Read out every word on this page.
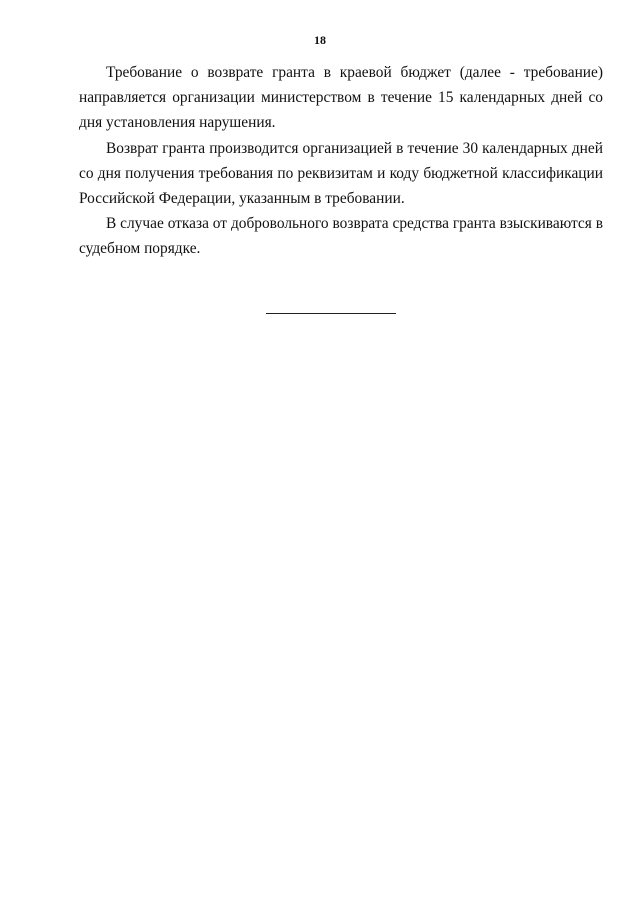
18

Требование о возврате гранта в краевой бюджет (далее - требование) направляется организации министерством в течение 15 календарных дней со дня установления нарушения.

Возврат гранта производится организацией в течение 30 календарных дней со дня получения требования по реквизитам и коду бюджетной классификации Российской Федерации, указанным в требовании.

В случае отказа от добровольного возврата средства гранта взыскиваются в судебном порядке.
